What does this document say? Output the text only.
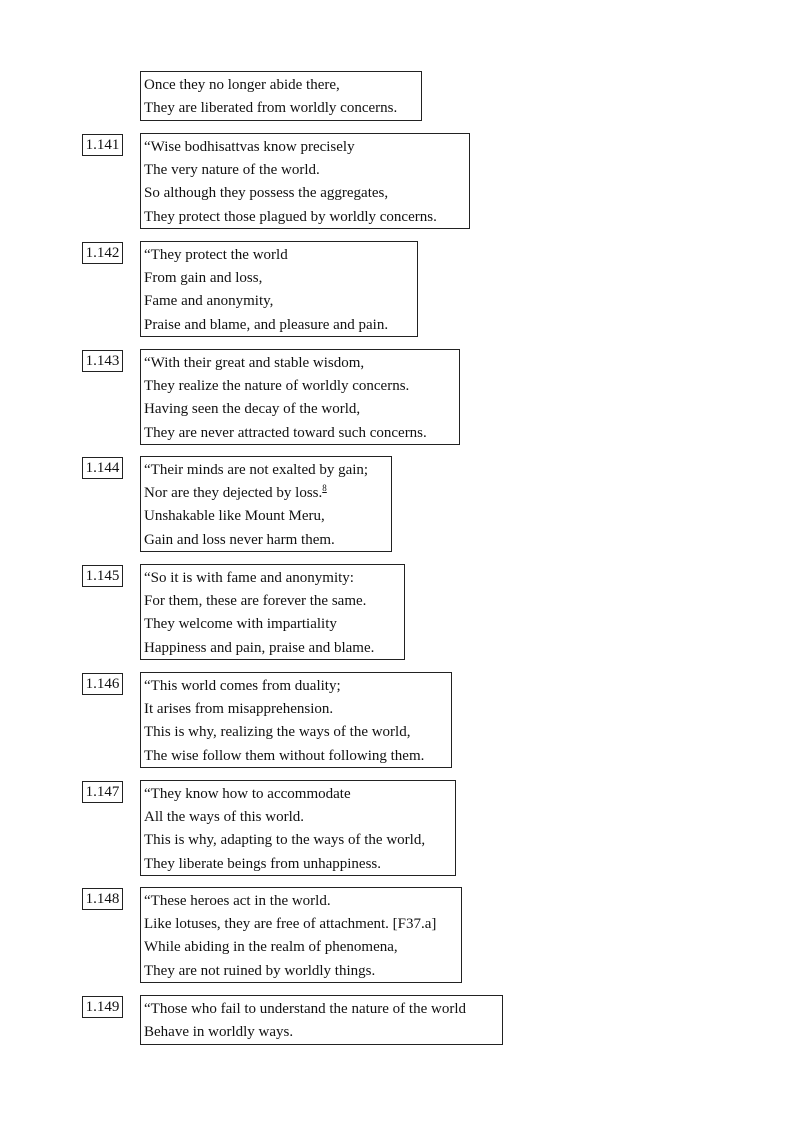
Once they no longer abide there,
They are liberated from worldly concerns.
1.141 “Wise bodhisattvas know precisely
The very nature of the world.
So although they possess the aggregates,
They protect those plagued by worldly concerns.
1.142 “They protect the world
From gain and loss,
Fame and anonymity,
Praise and blame, and pleasure and pain.
1.143 “With their great and stable wisdom,
They realize the nature of worldly concerns.
Having seen the decay of the world,
They are never attracted toward such concerns.
1.144 “Their minds are not exalted by gain;
Nor are they dejected by loss.$^8$
Unshakable like Mount Meru,
Gain and loss never harm them.
1.145 “So it is with fame and anonymity:
For them, these are forever the same.
They welcome with impartiality
Happiness and pain, praise and blame.
1.146 “This world comes from duality;
It arises from misapprehension.
This is why, realizing the ways of the world,
The wise follow them without following them.
1.147 “They know how to accommodate
All the ways of this world.
This is why, adapting to the ways of the world,
They liberate beings from unhappiness.
1.148 “These heroes act in the world.
Like lotuses, they are free of attachment. [F37.a]
While abiding in the realm of phenomena,
They are not ruined by worldly things.
1.149 “Those who fail to understand the nature of the world
Behave in worldly ways.
